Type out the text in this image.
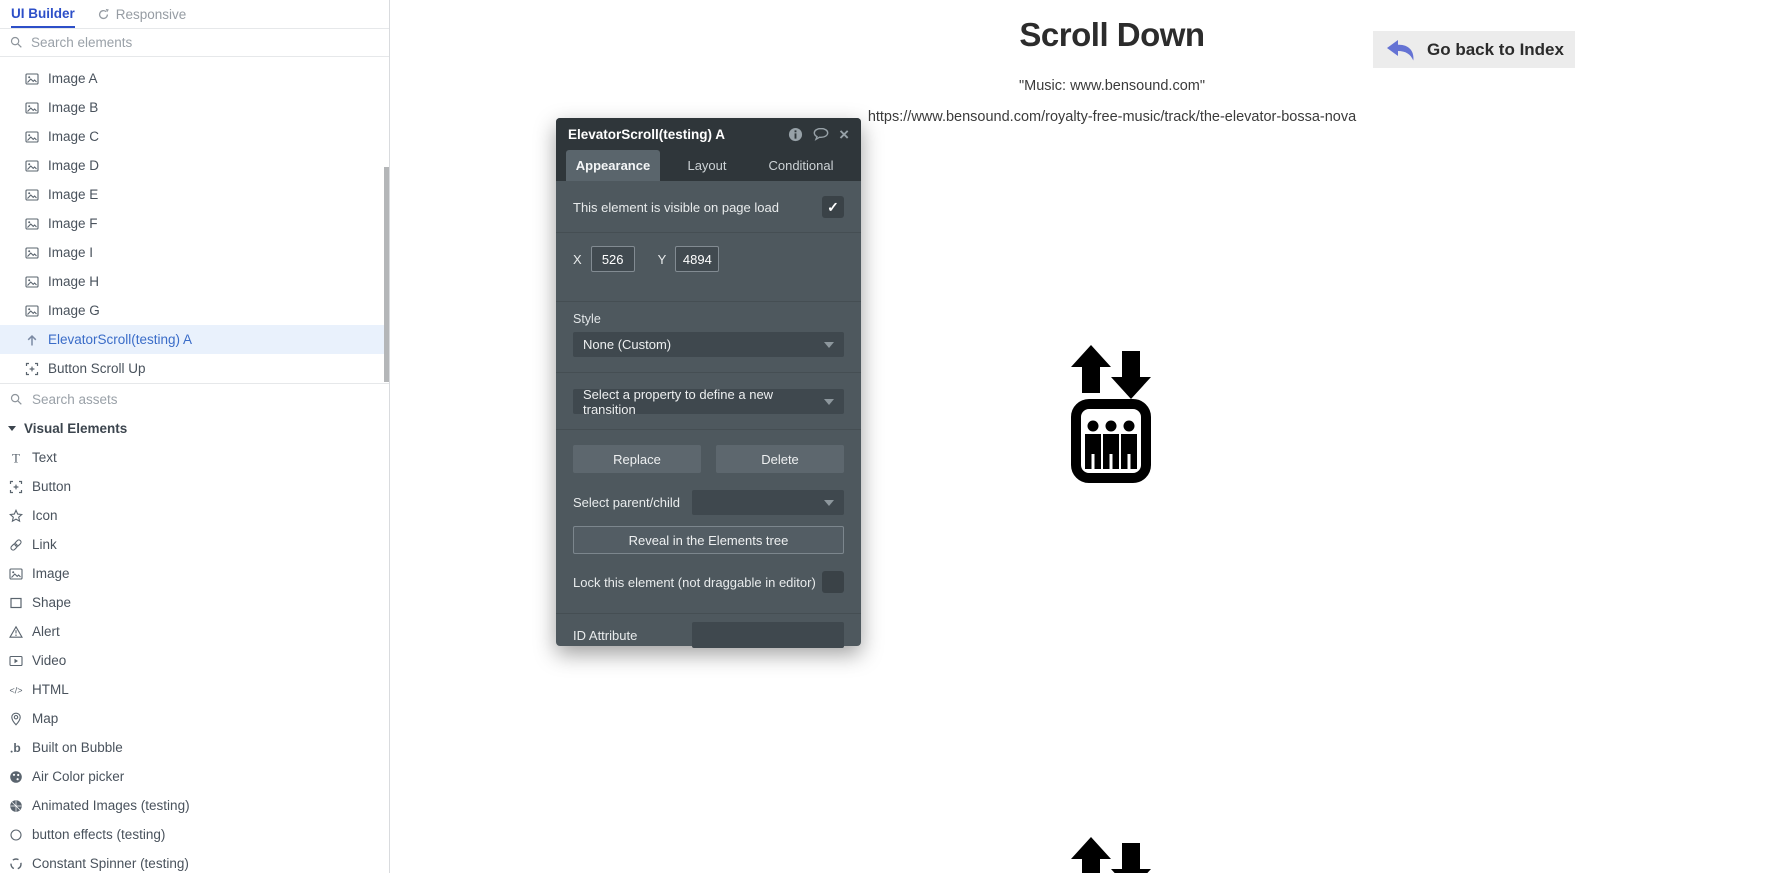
Scroll Down
"Music: www.bensound.com"
https://www.bensound.com/royalty-free-music/track/the-elevator-bossa-nova
Go back to Index
UI Builder	Responsive
Search elements
Image A
Image B
Image C
Image D
Image E
Image F
Image I
Image H
Image G
ElevatorScroll(testing) A
Button Scroll Up
Search assets
Visual Elements
Text
Button
Icon
Link
Image
Shape
Alert
Video
HTML
Map
Built on Bubble
Air Color picker
Animated Images (testing)
button effects (testing)
Constant Spinner (testing)
ElevatorScroll(testing) A	×
Appearance	Layout	Conditional
This element is visible on page load	✓
X
526	Y
4894
Style
None (Custom)
Select a property to define a new transition
Replace	Delete
Select parent/child
Reveal in the Elements tree
Lock this element (not draggable in editor)
ID Attribute
